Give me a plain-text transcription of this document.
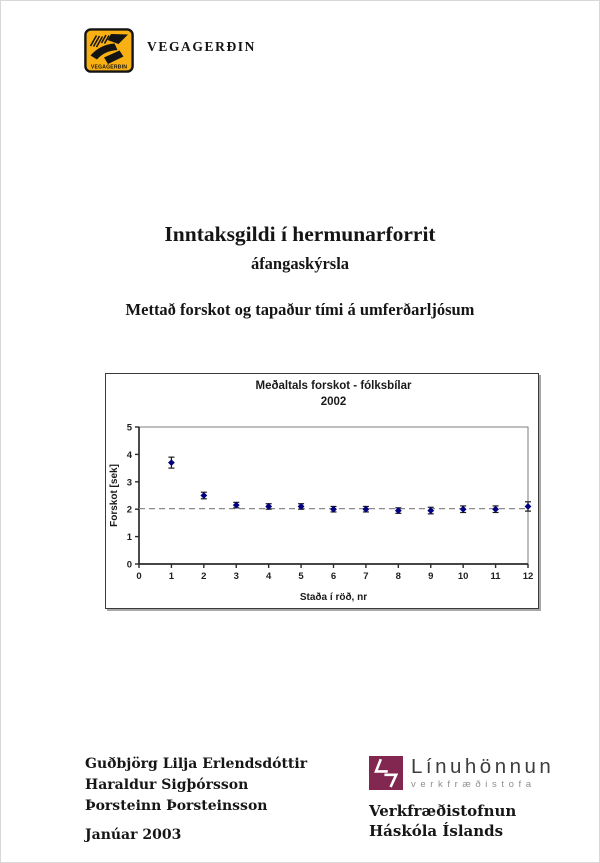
VEGAGERÐIN
VEGAGERÐIN
Inntaksgildi í hermunarforrit
áfangaskýrsla
Mettað forskot og tapaður tími á umferðarljósum
Meðaltals forskot - fólksbílar
2002
0
1
2
3
4
5
0	1	2	3	4	5	6	7	8	9	10 11 12
Staða í röð, nr
Forskot [sek]
Guðbjörg Lilja Erlendsdóttir
Haraldur Sigþórsson
Þorsteinn Þorsteinsson
Janúar 2003
Línuhönnun
verkfræðistofa
Verkfræðistofnun
Háskóla Íslands
